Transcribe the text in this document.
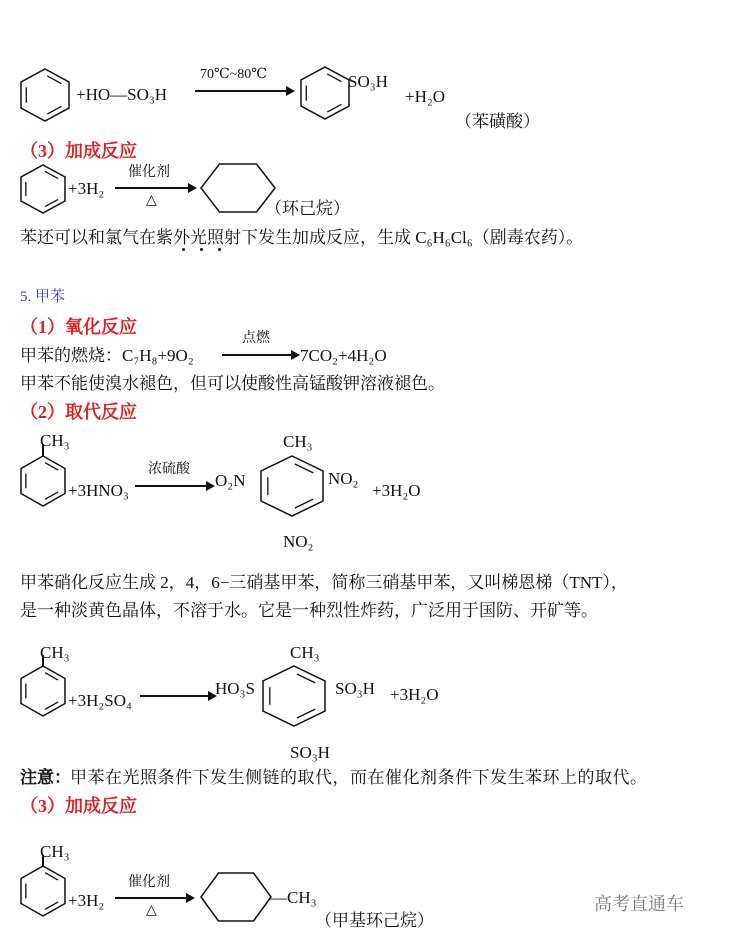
+HO—SO₃H
70℃~80℃	SO₃H
+H₂O
（苯磺酸）
（3）加成反应
+3H₂
催化剂
△	（环己烷）
苯还可以和氯气在紫外光照射下发生加成反应，生成 C₆H₆Cl₆（剧毒农药）。
5. 甲苯
（1）氧化反应
甲苯的燃烧：C₇H₈+9O₂
点燃
7CO₂+4H₂O
甲苯不能使溴水褪色，但可以使酸性高锰酸钾溶液褪色。
（2）取代反应
CH₃
+3HNO₃
浓硫酸
O₂N
CH₃
NO₂
NO₂
+3H₂O
甲苯硝化反应生成 2，4，6−三硝基甲苯，简称三硝基甲苯，又叫梯恩梯（TNT），
是一种淡黄色晶体，不溶于水。它是一种烈性炸药，广泛用于国防、开矿等。
CH₃
+3H₂SO₄
HO₃S
CH₃
SO₃H
SO₃H
+3H₂O
注意： 甲苯在光照条件下发生侧链的取代，而在催化剂条件下发生苯环上的取代。
（3）加成反应
CH₃
+3H₂
催化剂
△
—CH₃
（甲基环己烷）
高考直通车
